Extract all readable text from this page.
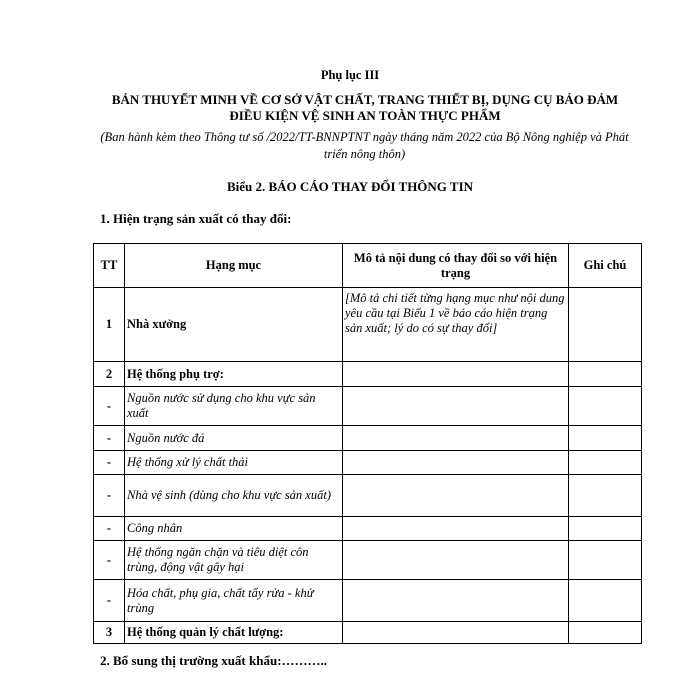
Phụ lục III
BẢN THUYẾT MINH VỀ CƠ SỞ VẬT CHẤT, TRANG THIẾT BỊ, DỤNG CỤ BẢO ĐẢM ĐIỀU KIỆN VỆ SINH AN TOÀN THỰC PHẨM
(Ban hành kèm theo Thông tư số /2022/TT-BNNPTNT ngày tháng năm 2022 của Bộ Nông nghiệp và Phát triển nông thôn)
Biểu 2. BÁO CÁO THAY ĐỔI THÔNG TIN
1. Hiện trạng sản xuất có thay đổi:
TT	Hạng mục	Mô tả nội dung có thay đổi so với hiện trạng	Ghi chú
1	Nhà xưởng	[Mô tả chi tiết từng hạng mục như nội dung yêu cầu tại Biểu 1 về báo cáo hiện trạng sản xuất; lý do có sự thay đổi]	
2	Hệ thống phụ trợ:		
-	Nguồn nước sử dụng cho khu vực sản xuất		
-	Nguồn nước đá		
-	Hệ thống xử lý chất thải		
-	Nhà vệ sinh (dùng cho khu vực sản xuất)		
-	Công nhân		
-	Hệ thống ngăn chặn và tiêu diệt côn trùng, động vật gây hại		
-	Hóa chất, phụ gia, chất tẩy rửa - khử trùng		
3	Hệ thống quản lý chất lượng:		
2. Bổ sung thị trường xuất khẩu:………..
